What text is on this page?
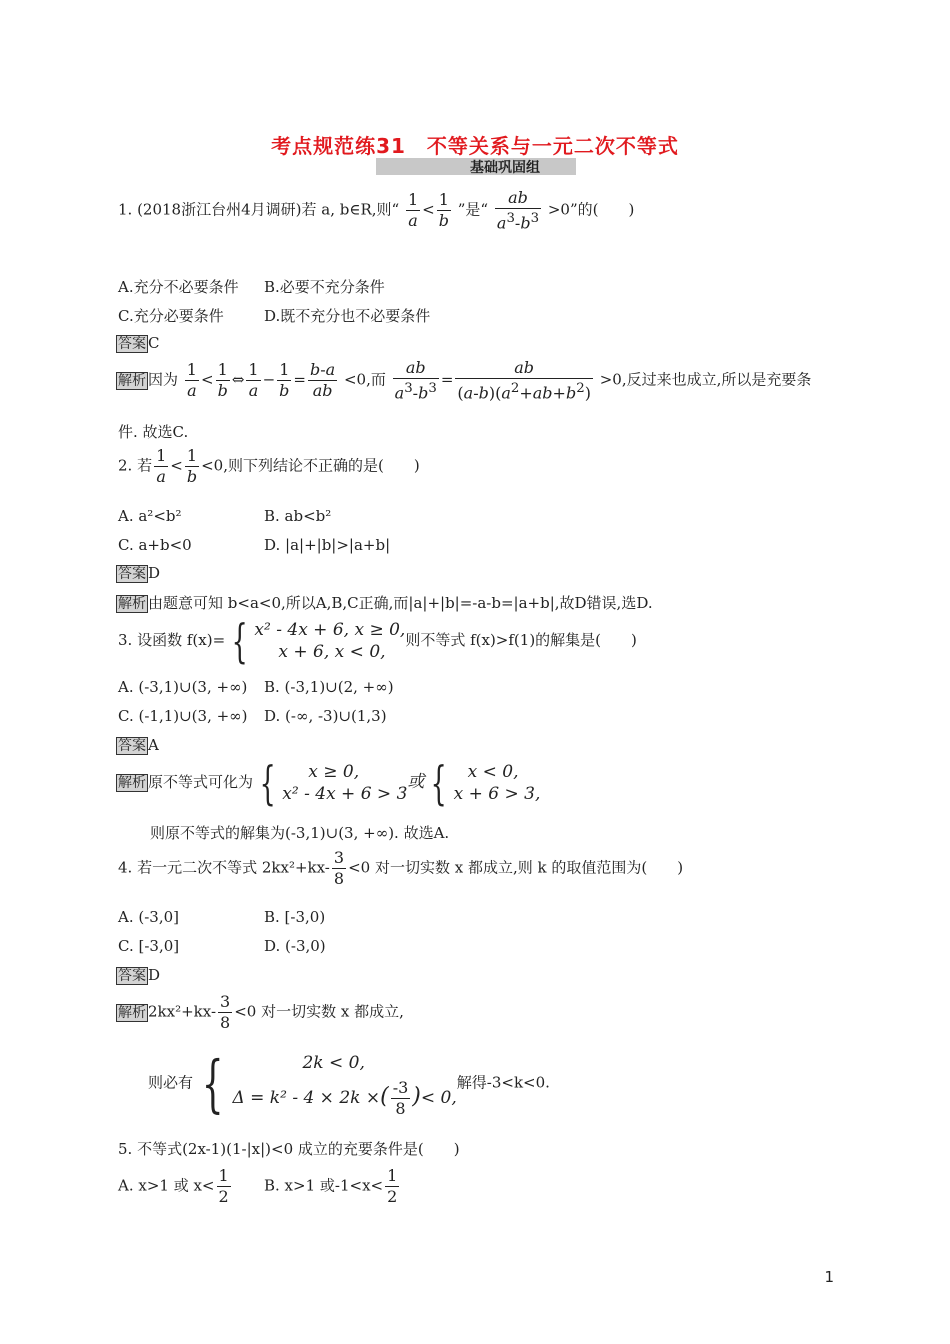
考点规范练31　不等关系与一元二次不等式
基础巩固组
1. (2018浙江台州4月调研)若 a, b∈R,则“ $\frac{1}{a} < \frac{1}{b}$ ”是“ $\frac{ab}{a^3-b^3} >0$”的(　　)
A.充分不必要条件 B.必要不充分条件
C.充分必要条件	D.既不充分也不必要条件
答案 C
解析 因为 $\frac{1}{a} < \frac{1}{b}$ ⇔ $\frac{1}{a} - \frac{1}{b} = \frac{b-a}{ab} <0$,而 $\frac{ab}{a^3-b^3} = \frac{ab}{(a-b)(a^2+ab+b^2)} >0$,反过来也成立,所以是充要条
件. 故选C.
2. 若 $\frac{1}{a} < \frac{1}{b} <0$,则下列结论不正确的是(　　)
A. a²<b²	B. ab<b²
C. a+b<0	D. |a|+|b|>|a+b|
答案 D
解析 由题意可知 b<a<0,所以A,B,C正确,而|a|+|b|=-a-b=|a+b|,故D错误,选D.
3. 设函数 f(x)= { x² - 4x + 6, x ≥ 0,
x + 6, x < 0,则不等式 f(x)>f(1)的解集是(　　)
A. (-3,1)∪(3, +∞) B. (-3,1)∪(2, +∞)
C. (-1,1)∪(3, +∞) D. (-∞, -3)∪(1,3)
答案 A
解析 原不等式可化为 { x ≥ 0,
x² - 4x + 6 > 3或 { x < 0,
x + 6 > 3,
则原不等式的解集为(-3,1)∪(3, +∞). 故选A.
4. 若一元二次不等式 $2kx^2+kx- \frac{3}{8} <0$ 对一切实数 x 都成立,则 k 的取值范围为(　　)
A. (-3,0]	B. [-3,0)
C. [-3,0]	D. (-3,0)
答案 D
解析 $2kx^2+kx- \frac{3}{8} <0$ 对一切实数 x 都成立,
则必有 {	2k < 0,
Δ = k² - 4 × 2k ×( $\frac{-3}{8}$ )< 0,解得-3<k<0.
5. 不等式(2x-1)(1-|x|)<0 成立的充要条件是(　　)
A. x>1 或 $x< \frac{1}{2} B$. x>1 或$-1<x< \frac{1}{2}$
1
